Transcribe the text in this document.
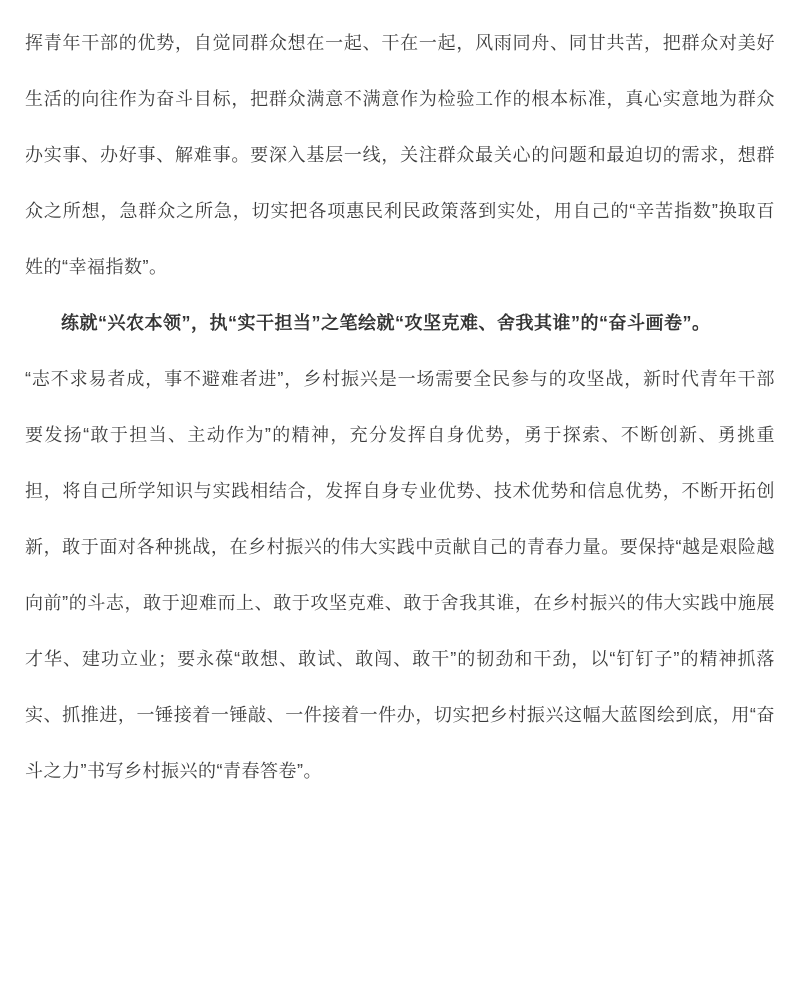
挥青年干部的优势，自觉同群众想在一起、干在一起，风雨同舟、同甘共苦，把群众对美好生活的向往作为奋斗目标，把群众满意不满意作为检验工作的根本标准，真心实意地为群众办实事、办好事、解难事。要深入基层一线，关注群众最关心的问题和最迫切的需求，想群众之所想，急群众之所急，切实把各项惠民利民政策落到实处，用自己的“辛苦指数”换取百姓的“幸福指数”。

练就“兴农本领”，执“实干担当”之笔绘就“攻坚克难、舍我其谁”的“奋斗画卷”。
“志不求易者成，事不避难者进”，乡村振兴是一场需要全民参与的攻坚战，新时代青年干部要发扬“敢于担当、主动作为”的精神，充分发挥自身优势，勇于探索、不断创新、勇挑重担，将自己所学知识与实践相结合，发挥自身专业优势、技术优势和信息优势，不断开拓创新，敢于面对各种挑战，在乡村振兴的伟大实践中贡献自己的青春力量。要保持“越是艰险越向前”的斗志，敢于迎难而上、敢于攻坚克难、敢于舍我其谁，在乡村振兴的伟大实践中施展才华、建功立业；要永葆“敢想、敢试、敢闯、敢干”的韧劲和干劲，以“钉钉子”的精神抓落实、抓推进，一锤接着一锤敲、一件接着一件办，切实把乡村振兴这幅大蓝图绘到底，用“奋斗之力”书写乡村振兴的“青春答卷”。
